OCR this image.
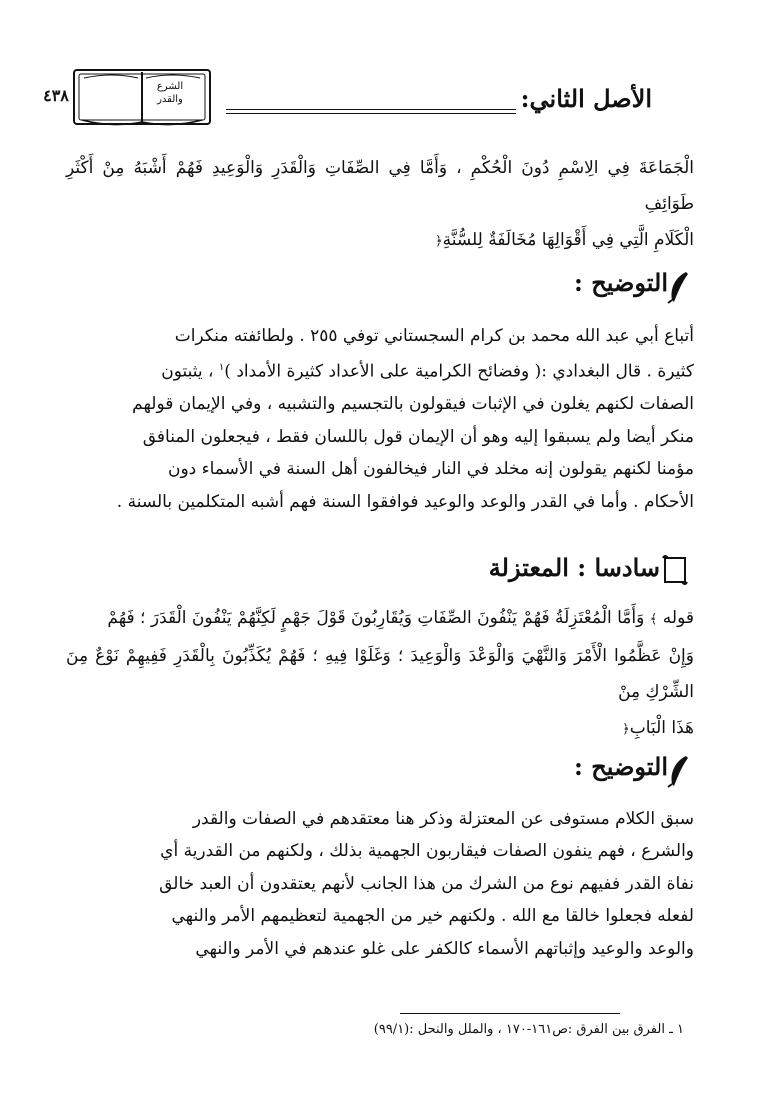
الأصل الثاني:
٤٣٨	الشرع
والقدر
الْجَمَاعَةَ فِي الِاسْمِ دُونَ الْحُكْمِ ، وَأَمَّا فِي الصِّفَاتِ وَالْقَدَرِ وَالْوَعِيدِ فَهُمْ أَشْبَهُ مِنْ أَكْثَرِ طَوَائِفِ
الْكَلَامِ الَّتِي فِي أَقْوَالِهَا مُخَالَفَةٌ لِلسُّنَّةِ﴿
التوضيح :
أتباع أبي عبد الله محمد بن كرام السجستاني توفي ٢٥٥ . ولطائفته منكرات
كثيرة . قال البغدادي :( وفضائح الكرامية على الأعداد كثيرة الأمداد )$^١$ ، يثبتون
الصفات لكنهم يغلون في الإثبات فيقولون بالتجسيم والتشبيه ، وفي الإيمان قولهم
منكر أيضا ولم يسبقوا إليه وهو أن الإيمان قول باللسان فقط ، فيجعلون المنافق
مؤمنا لكنهم يقولون إنه مخلد في النار فيخالفون أهل السنة في الأسماء دون
الأحكام . وأما في القدر والوعد والوعيد فوافقوا السنة فهم أشبه المتكلمين بالسنة .
سادسا : المعتزلة
قوله ﴾ وَأَمَّا الْمُعْتَزِلَةُ فَهُمْ يَنْفُونَ الصِّفَاتِ وَيُقَارِبُونَ قَوْلَ جَهْمٍ لَكِنَّهُمْ يَنْفُونَ الْقَدَرَ ؛ فَهُمْ
وَإِنْ عَظَّمُوا الْأَمْرَ وَالنَّهْيَ وَالْوَعْدَ وَالْوَعِيدَ ؛ وَغَلَوْا فِيهِ ؛ فَهُمْ يُكَذِّبُونَ بِالْقَدَرِ فَفِيهِمْ نَوْعٌ مِنَ الشِّرْكِ مِنْ
هَذَا الْبَابِ﴿
التوضيح :
سبق الكلام مستوفى عن المعتزلة وذكر هنا معتقدهم في الصفات والقدر
والشرع ، فهم ينفون الصفات فيقاربون الجهمية بذلك ، ولكنهم من القدرية أي
نفاة القدر ففيهم نوع من الشرك من هذا الجانب لأنهم يعتقدون أن العبد خالق
لفعله فجعلوا خالقا مع الله . ولكنهم خير من الجهمية لتعظيمهم الأمر والنهي
والوعد والوعيد وإثباتهم الأسماء كالكفر على غلو عندهم في الأمر والنهي
١ ـ الفرق بين الفرق :ص١٦١-١٧٠ ، والملل والنحل :(٩٩/١)
